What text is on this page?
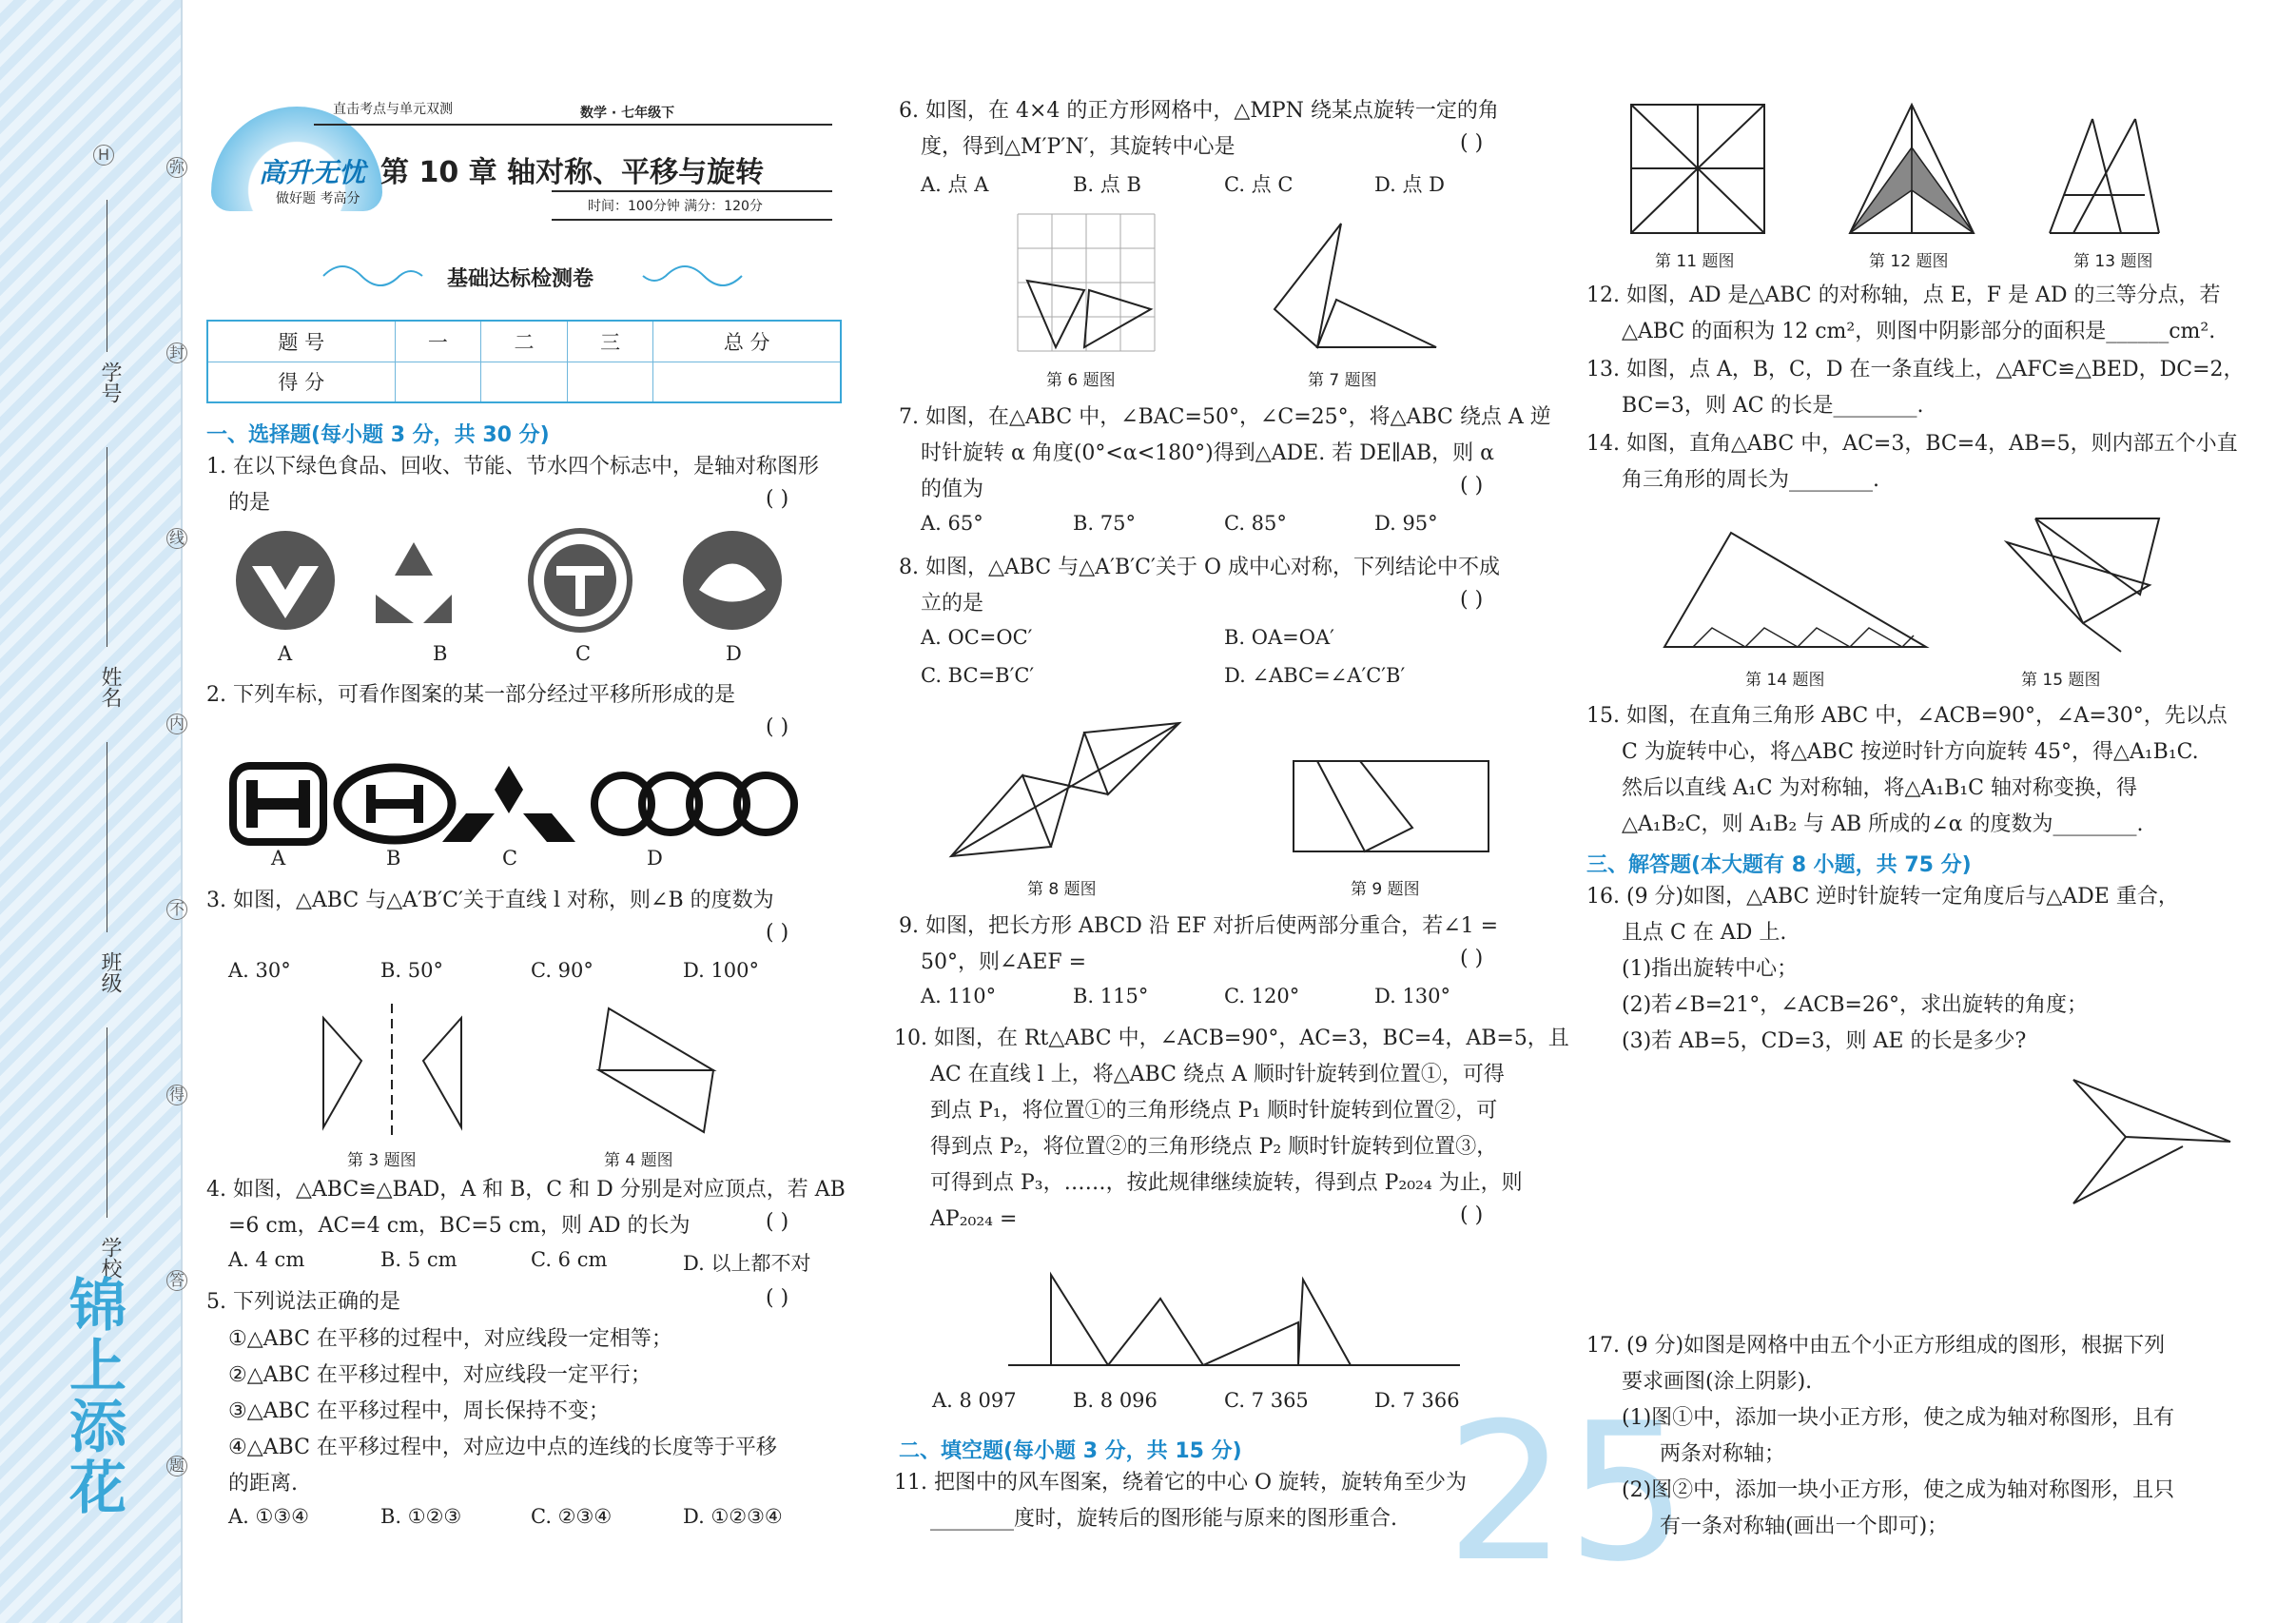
H
学号
姓名
班级
学校
弥
封
线
内
不
得
答
题
锦上添花
直击考点与单元双测	数学 · 七年级下
高升无忧
做好题 考高分
第 10 章 轴对称、平移与旋转
时间：100分钟 满分：120分
基础达标检测卷
题 号	一	二	三	总 分
得 分				
一、选择题(每小题 3 分，共 30 分)
1. 在以下绿色食品、回收、节能、节水四个标志中，是轴对称图形
的是	( )
A	B	C	D
2. 下列车标，可看作图案的某一部分经过平移所形成的是
( )
A	B	C	D
3. 如图，△ABC 与△A′B′C′关于直线 l 对称，则∠B 的度数为
( )
A. 30°	B. 50°	C. 90°	D. 100°
第 3 题图	第 4 题图
4. 如图，△ABC≌△BAD，A 和 B，C 和 D 分别是对应顶点，若 AB
=6 cm，AC=4 cm，BC=5 cm，则 AD 的长为	( )
A. 4 cm	B. 5 cm	C. 6 cm	D. 以上都不对
5. 下列说法正确的是	( )
①△ABC 在平移的过程中，对应线段一定相等；
②△ABC 在平移过程中，对应线段一定平行；
③△ABC 在平移过程中，周长保持不变；
④△ABC 在平移过程中，对应边中点的连线的长度等于平移
的距离.
A. ①③④	B. ①②③	C. ②③④	D. ①②③④
6. 如图，在 4×4 的正方形网格中，△MPN 绕某点旋转一定的角
度，得到△M′P′N′，其旋转中心是	( )
A. 点 A	B. 点 B	C. 点 C	D. 点 D
第 6 题图	第 7 题图
7. 如图，在△ABC 中，∠BAC=50°，∠C=25°，将△ABC 绕点 A 逆
时针旋转 α 角度(0°<α<180°)得到△ADE. 若 DE∥AB，则 α
的值为	( )
A. 65°	B. 75°	C. 85°	D. 95°
8. 如图，△ABC 与△A′B′C′关于 O 成中心对称，下列结论中不成
立的是	( )
A. OC=OC′	B. OA=OA′
C. BC=B′C′	D. ∠ABC=∠A′C′B′
第 8 题图	第 9 题图
9. 如图，把长方形 ABCD 沿 EF 对折后使两部分重合，若∠1 =
50°，则∠AEF =	( )
A. 110°	B. 115°	C. 120°	D. 130°
10. 如图，在 Rt△ABC 中，∠ACB=90°，AC=3，BC=4，AB=5，且
AC 在直线 l 上，将△ABC 绕点 A 顺时针旋转到位置①，可得
到点 P₁，将位置①的三角形绕点 P₁ 顺时针旋转到位置②，可
得到点 P₂，将位置②的三角形绕点 P₂ 顺时针旋转到位置③，
可得到点 P₃，……，按此规律继续旋转，得到点 P₂₀₂₄ 为止，则
AP₂₀₂₄ =	( )
A. 8 097	B. 8 096	C. 7 365	D. 7 366
二、填空题(每小题 3 分，共 15 分)
11. 把图中的风车图案，绕着它的中心 O 旋转，旋转角至少为
________度时，旋转后的图形能与原来的图形重合. 25
第 11 题图	第 12 题图	第 13 题图
12. 如图，AD 是△ABC 的对称轴，点 E，F 是 AD 的三等分点，若
△ABC 的面积为 12 cm²，则图中阴影部分的面积是______cm².
13. 如图，点 A，B，C，D 在一条直线上，△AFC≌△BED，DC=2，
BC=3，则 AC 的长是________.
14. 如图，直角△ABC 中，AC=3，BC=4，AB=5，则内部五个小直
角三角形的周长为________.
第 14 题图	第 15 题图
15. 如图，在直角三角形 ABC 中，∠ACB=90°，∠A=30°，先以点
C 为旋转中心，将△ABC 按逆时针方向旋转 45°，得△A₁B₁C.
然后以直线 A₁C 为对称轴，将△A₁B₁C 轴对称变换，得
△A₁B₂C，则 A₁B₂ 与 AB 所成的∠α 的度数为________.
三、解答题(本大题有 8 小题，共 75 分)
16. (9 分)如图，△ABC 逆时针旋转一定角度后与△ADE 重合，
且点 C 在 AD 上.
(1)指出旋转中心；
(2)若∠B=21°，∠ACB=26°，求出旋转的角度；
(3)若 AB=5，CD=3，则 AE 的长是多少?
17. (9 分)如图是网格中由五个小正方形组成的图形，根据下列
要求画图(涂上阴影).
(1)图①中，添加一块小正方形，使之成为轴对称图形，且有
两条对称轴；
(2)图②中，添加一块小正方形，使之成为轴对称图形，且只
有一条对称轴(画出一个即可)；
